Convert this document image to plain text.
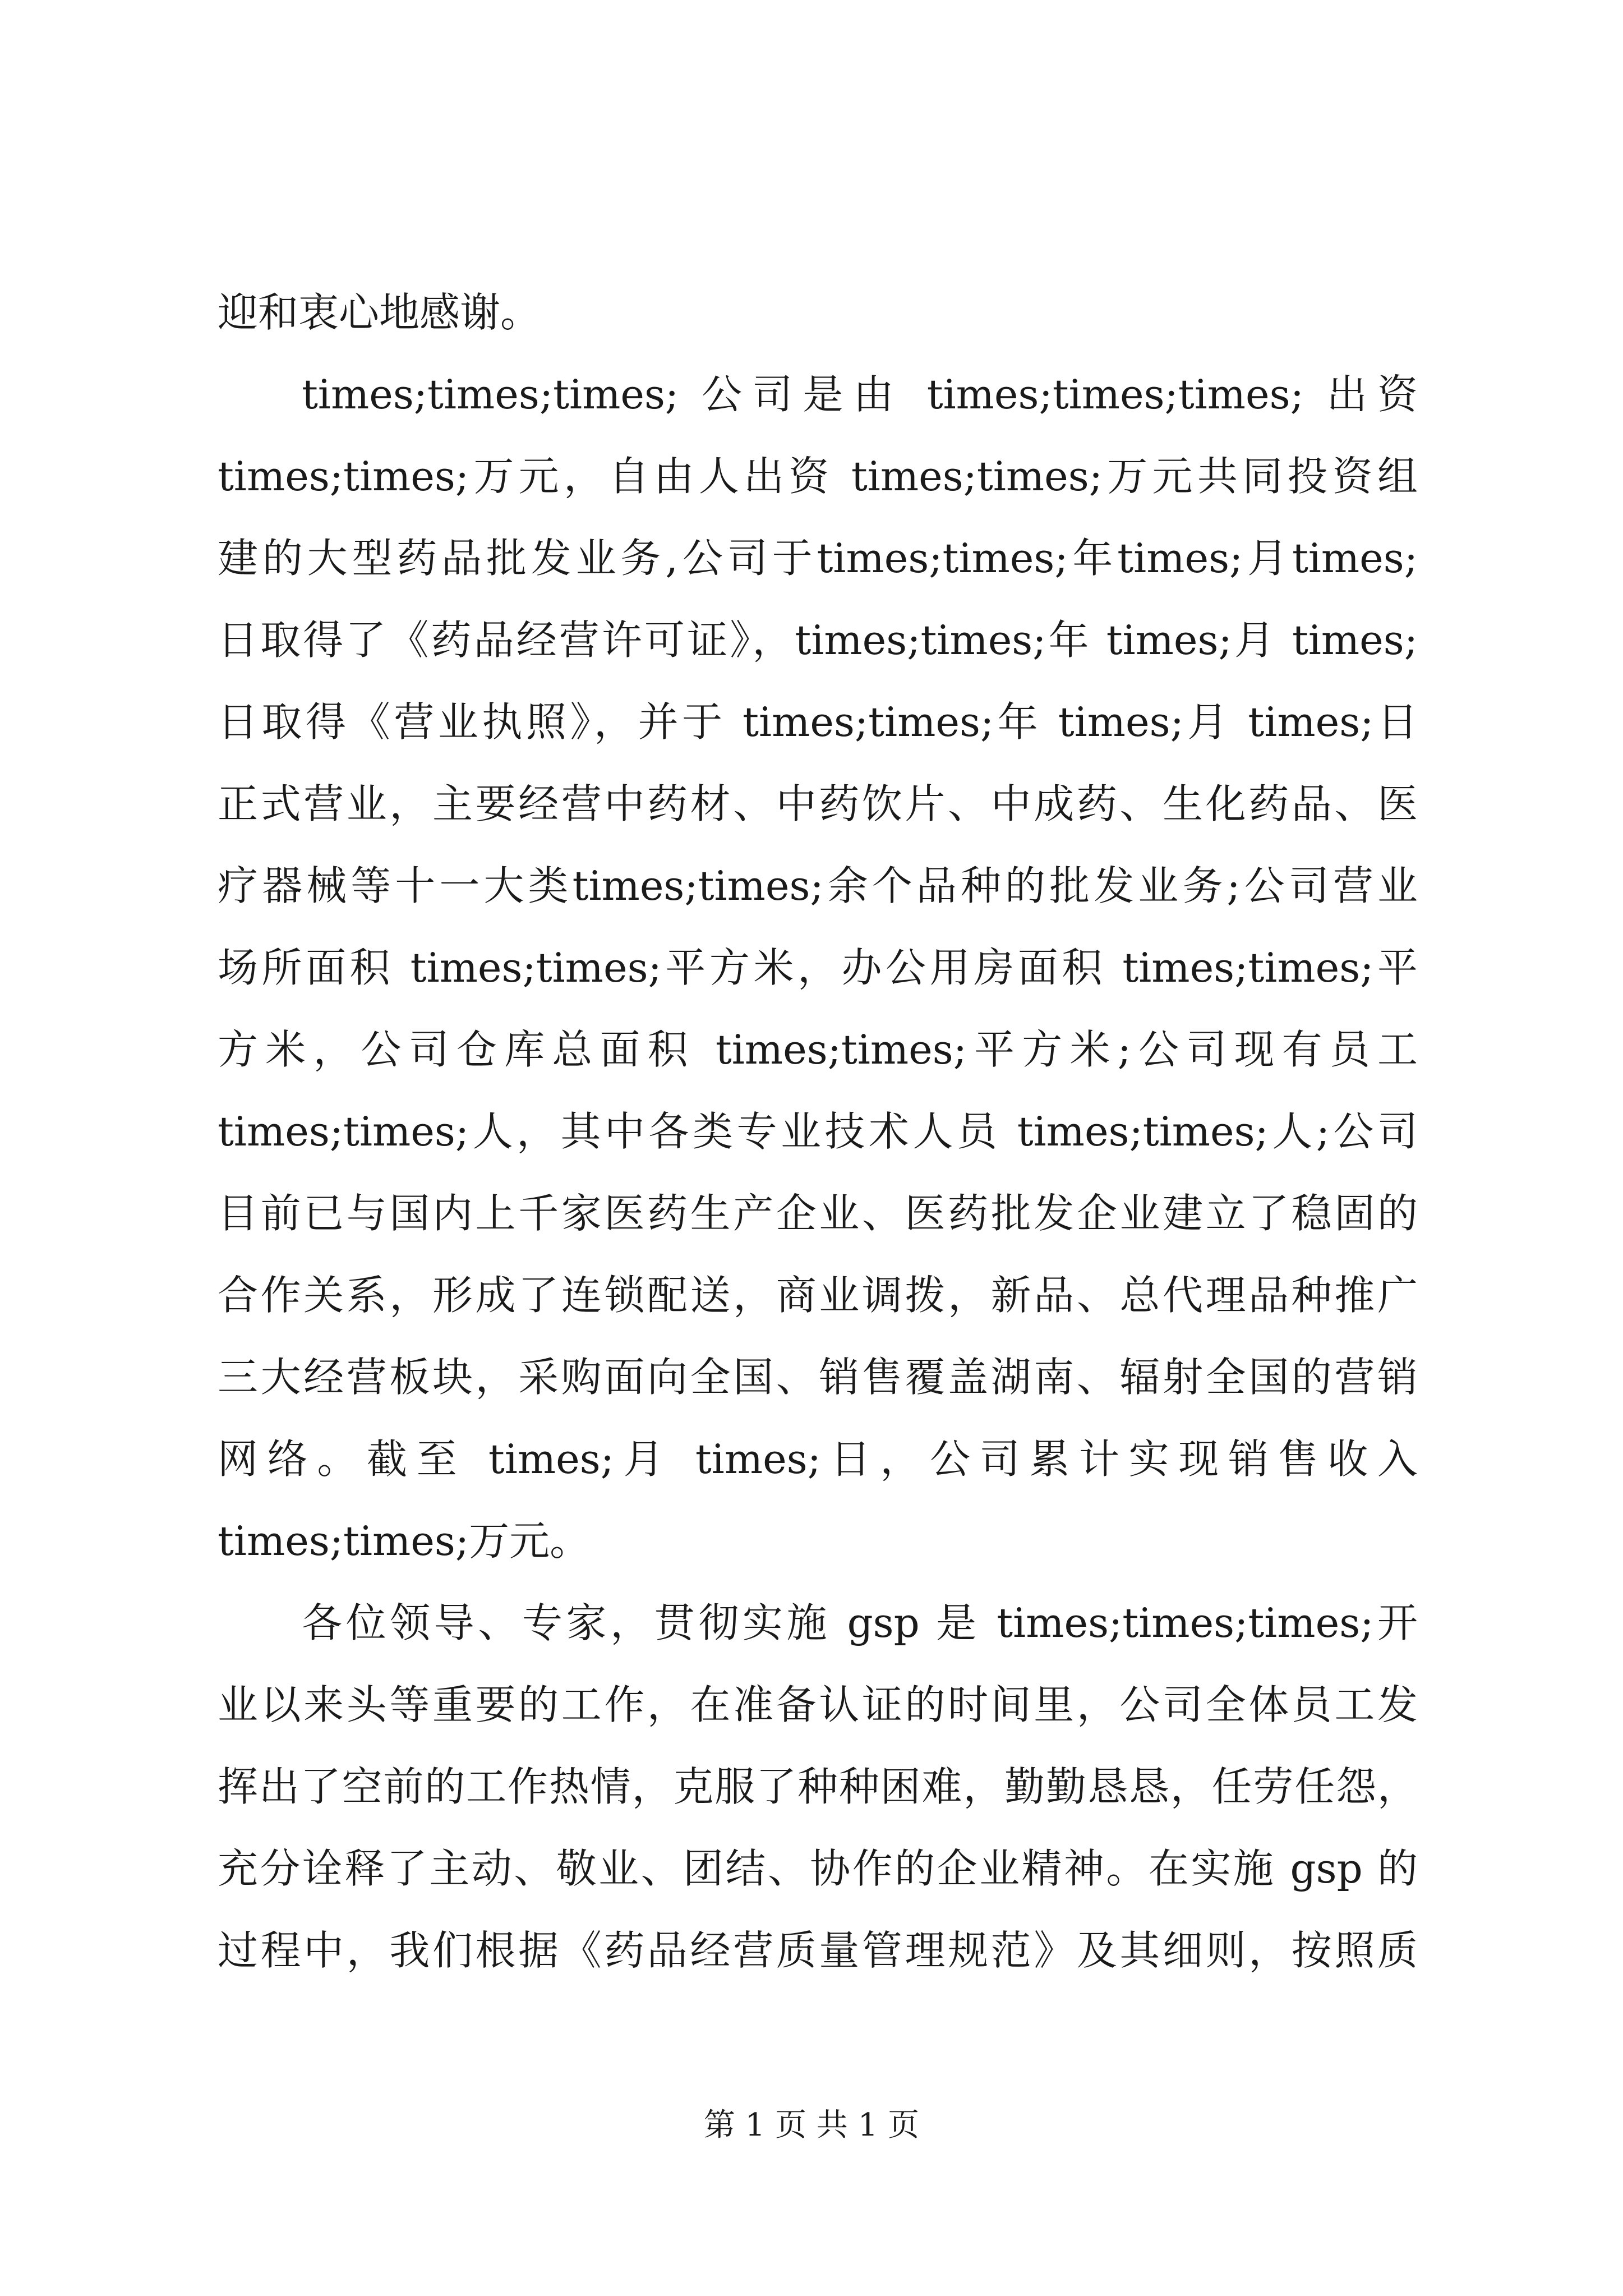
迎和衷心地感谢。
times;times;times; 公司是由 times;times;times; 出资
times;times;万元，自由人出资 times;times;万元共同投资组
建的大型药品批发业务,公司于times;times;年times;月times;
日取得了《药品经营许可证》，times;times;年 times;月 times;
日取得《营业执照》，并于 times;times;年 times;月 times;日
正式营业，主要经营中药材、中药饮片、中成药、生化药品、医
疗器械等十一大类times;times;余个品种的批发业务;公司营业
场所面积 times;times;平方米，办公用房面积 times;times;平
方米，公司仓库总面积 times;times;平方米;公司现有员工
times;times;人，其中各类专业技术人员 times;times;人;公司
目前已与国内上千家医药生产企业、医药批发企业建立了稳固的
合作关系，形成了连锁配送，商业调拨，新品、总代理品种推广
三大经营板块，采购面向全国、销售覆盖湖南、辐射全国的营销
网络。截至 times;月 times;日，公司累计实现销售收入
times;times;万元。
各位领导、专家，贯彻实施 gsp 是 times;times;times;开
业以来头等重要的工作，在准备认证的时间里，公司全体员工发
挥出了空前的工作热情，克服了种种困难，勤勤恳恳，任劳任怨，
充分诠释了主动、敬业、团结、协作的企业精神。在实施 gsp 的
过程中，我们根据《药品经营质量管理规范》及其细则，按照质
第 1 页 共 1 页
